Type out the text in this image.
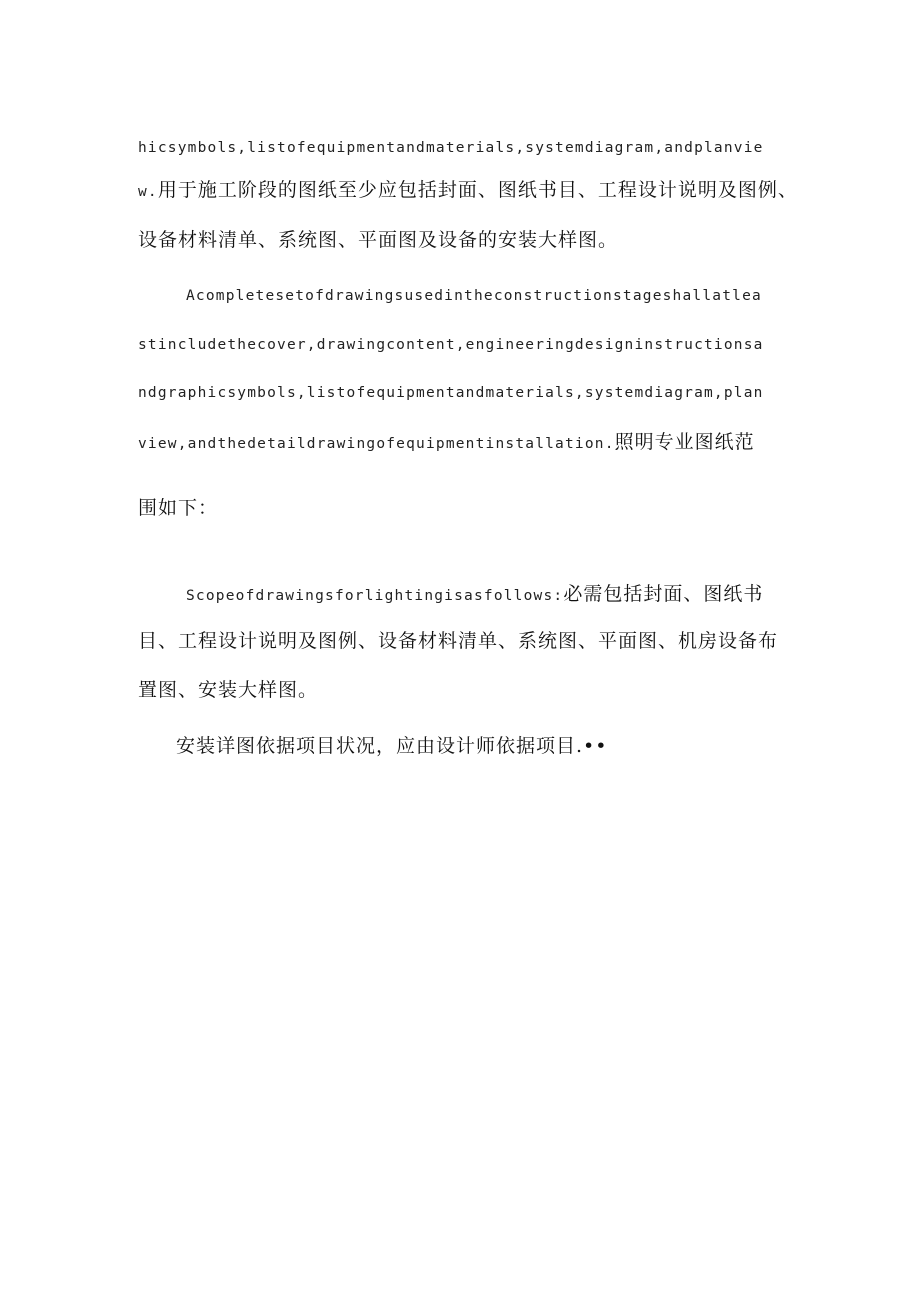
hicsymbols,listofequipmentandmaterials,systemdiagram,andplanvie
w.用于施工阶段的图纸至少应包括封面、图纸书目、工程设计说明及图例、
设备材料清单、系统图、平面图及设备的安装大样图。
Acompletesetofdrawingsusedintheconstructionstageshallatlea
stincludethecover,drawingcontent,engineeringdesigninstructionsa
ndgraphicsymbols,listofequipmentandmaterials,systemdiagram,plan
view,andthedetaildrawingofequipmentinstallation.照明专业图纸范
围如下：
Scopeofdrawingsforlightingisasfollows:必需包括封面、图纸书
目、工程设计说明及图例、设备材料清单、系统图、平面图、机房设备布
置图、安装大样图。
安装详图依据项目状况，应由设计师依据项目.••
